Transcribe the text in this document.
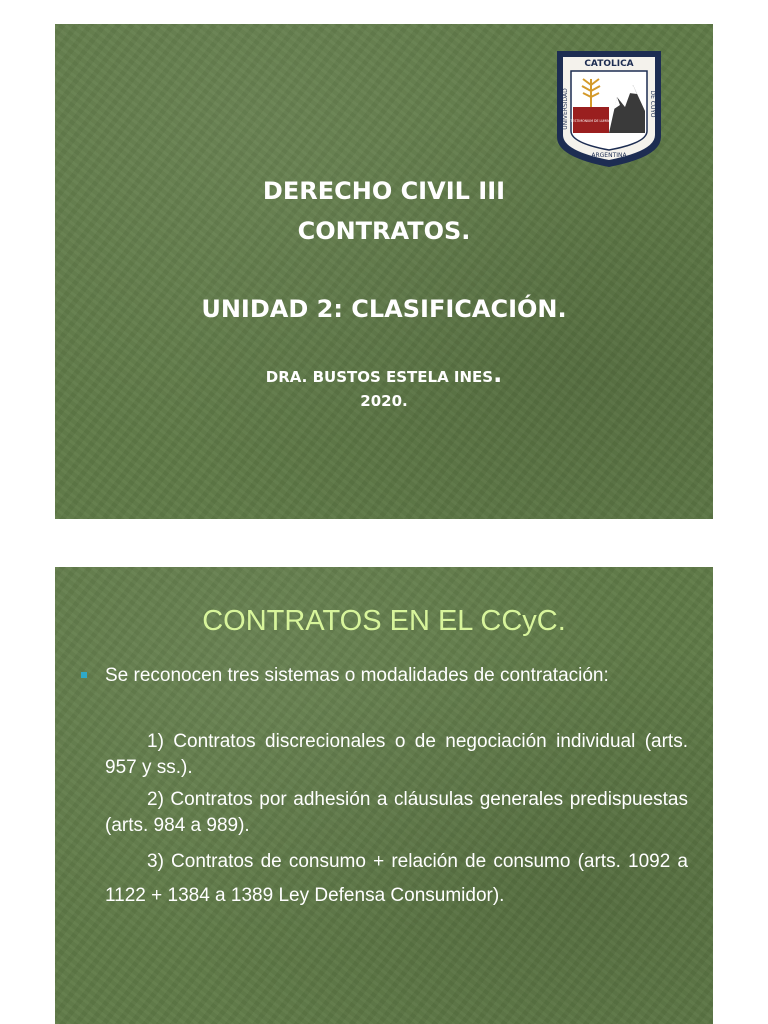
CATOLICA
UNIVERSIDAD	DE CUYO
ARGENTINA
TESTIMONIUM DE LUMINE
DERECHO CIVIL III
CONTRATOS.
UNIDAD 2: CLASIFICACIÓN.
DRA. BUSTOS ESTELA INES.
2020.
CONTRATOS EN EL CCyC.
Se reconocen tres sistemas o modalidades de contratación:
1) Contratos discrecionales o de negociación individual (arts. 957 y ss.).
2) Contratos por adhesión a cláusulas generales predispuestas (arts. 984 a 989).
3) Contratos de consumo + relación de consumo (arts. 1092 a 1122 + 1384 a 1389 Ley Defensa Consumidor).
